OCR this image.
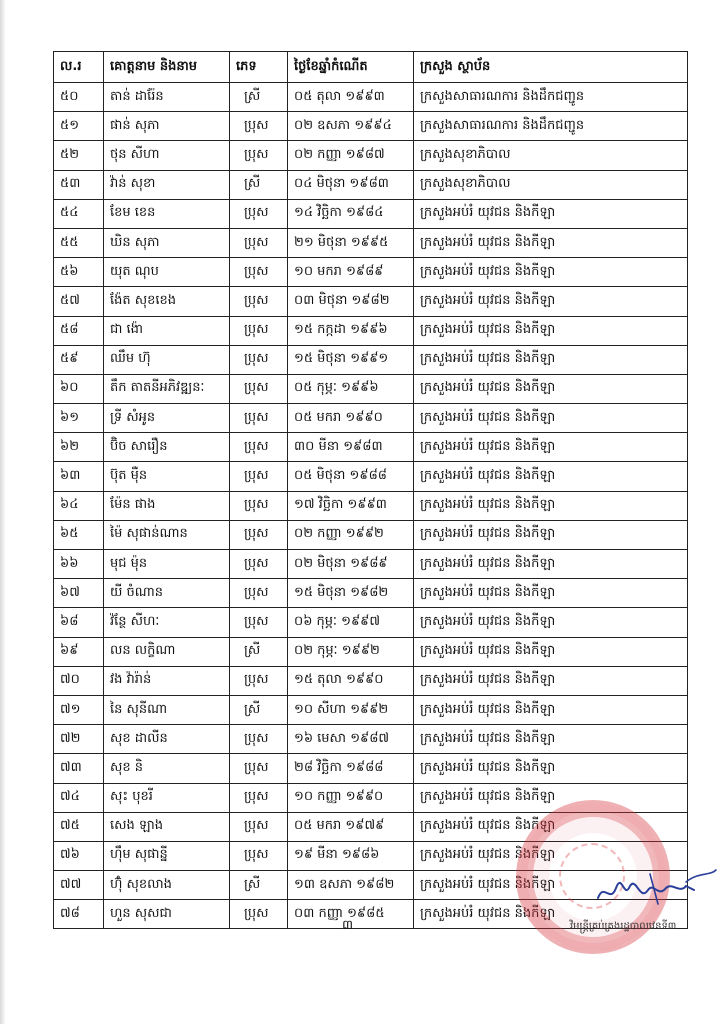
ល.រ	គោត្តនាម និងនាម	ភេទ	ថ្ងៃខែឆ្នាំកំណើត	ក្រសួង ស្ថាប័ន
៥០	តាន់ ដារ៉ែន	ស្រី	០៥ តុលា ១៩៩៣	ក្រសួងសាធារណការ និងដឹកជញ្ជូន
៥១	ផាន់ សុភា	ប្រុស	០២ ឧសភា ១៩៩៤	ក្រសួងសាធារណការ និងដឹកជញ្ជូន
៥២	ថុន សីហា	ប្រុស	០២ កញ្ញា ១៩៨៧	ក្រសួងសុខាភិបាល
៥៣	វ៉ាន់ សុខា	ស្រី	០៤ មិថុនា ១៩៨៣	ក្រសួងសុខាភិបាល
៥៤	ខែម ខេន	ប្រុស	១៤ វិច្ឆិកា ១៩៨៤	ក្រសួងអប់រំ យុវជន និងកីឡា
៥៥	ឃិន សុភា	ប្រុស	២១ មិថុនា ១៩៩៥	ក្រសួងអប់រំ យុវជន និងកីឡា
៥៦	យុត ណុប	ប្រុស	១០ មករា ១៩៨៩	ក្រសួងអប់រំ យុវជន និងកីឡា
៥៧	ង៉ែត សុខខេង	ប្រុស	០៣ មិថុនា ១៩៨២	ក្រសួងអប់រំ យុវជន និងកីឡា
៥៨	ជា ង៉ោ	ប្រុស	១៥ កក្កដា ១៩៩៦	ក្រសួងអប់រំ យុវជន និងកីឡា
៥៩	ឈឹម ហ៊ុ	ប្រុស	១៥ មិថុនា ១៩៩១	ក្រសួងអប់រំ យុវជន និងកីឡា
៦០	តឹក តាតនីអភិវឌ្ឍនៈ	ប្រុស	០៥ កុម្ភៈ ១៩៩៦	ក្រសួងអប់រំ យុវជន និងកីឡា
៦១	ទ្រី សំអូន	ប្រុស	០៥ មករា ១៩៩០	ក្រសួងអប់រំ យុវជន និងកីឡា
៦២	ប៊ិច សារឿន	ប្រុស	៣០ មីនា ១៩៨៣	ក្រសួងអប់រំ យុវជន និងកីឡា
៦៣	ប៊ុត ម៉ឺន	ប្រុស	០៥ មិថុនា ១៩៨៨	ក្រសួងអប់រំ យុវជន និងកីឡា
៦៤	ម៉ែន ផាង	ប្រុស	១៧ វិច្ឆិកា ១៩៩៣	ក្រសួងអប់រំ យុវជន និងកីឡា
៦៥	ម៉ៃ សុផាន់ណាន	ប្រុស	០២ កញ្ញា ១៩៩២	ក្រសួងអប់រំ យុវជន និងកីឡា
៦៦	មុជ ម៉ុន	ប្រុស	០២ មិថុនា ១៩៨៩	ក្រសួងអប់រំ យុវជន និងកីឡា
៦៧	យី ចំណាន	ប្រុស	១៥ មិថុនា ១៩៨២	ក្រសួងអប់រំ យុវជន និងកីឡា
៦៨	វ៉ន្ថែ សីហៈ	ប្រុស	០៦ កុម្ភៈ ១៩៩៧	ក្រសួងអប់រំ យុវជន និងកីឡា
៦៩	លន លក្ខិណា	ស្រី	០២ កុម្ភៈ ១៩៩២	ក្រសួងអប់រំ យុវជន និងកីឡា
៧០	វង វ៉ារ៉ាន់	ប្រុស	១៥ តុលា ១៩៩០	ក្រសួងអប់រំ យុវជន និងកីឡា
៧១	នៃ សុនីណា	ស្រី	១០ សីហា ១៩៩២	ក្រសួងអប់រំ យុវជន និងកីឡា
៧២	សុខ ដាលីន	ប្រុស	១៦ មេសា ១៩៨៧	ក្រសួងអប់រំ យុវជន និងកីឡា
៧៣	សុខ និ	ប្រុស	២៨ វិច្ឆិកា ១៩៨៨	ក្រសួងអប់រំ យុវជន និងកីឡា
៧៤	សុះ បុខរី	ប្រុស	១០ កញ្ញា ១៩៩០	ក្រសួងអប់រំ យុវជន និងកីឡា
៧៥	សេង ឡាង	ប្រុស	០៥ មករា ១៩៧៩	ក្រសួងអប់រំ យុវជន និងកីឡា
៧៦	ហ៊ឹម សុផាន្នី	ប្រុស	១៩ មីនា ១៩៨៦	ក្រសួងអប់រំ យុវជន និងកីឡា
៧៧	ហ៊ុំ សុខលាង	ស្រី	១៣ ឧសភា ១៩៨២	ក្រសួងអប់រំ យុវជន និងកីឡា
៧៨	ហួន សុសជា	ប្រុស	០៣ កញ្ញា ១៩៨៥	ក្រសួងអប់រំ យុវជន និងកីឡា
៣	វិមន្ត្រីគ្រប់គ្រងរដ្ឋបាលវេនទី៣
